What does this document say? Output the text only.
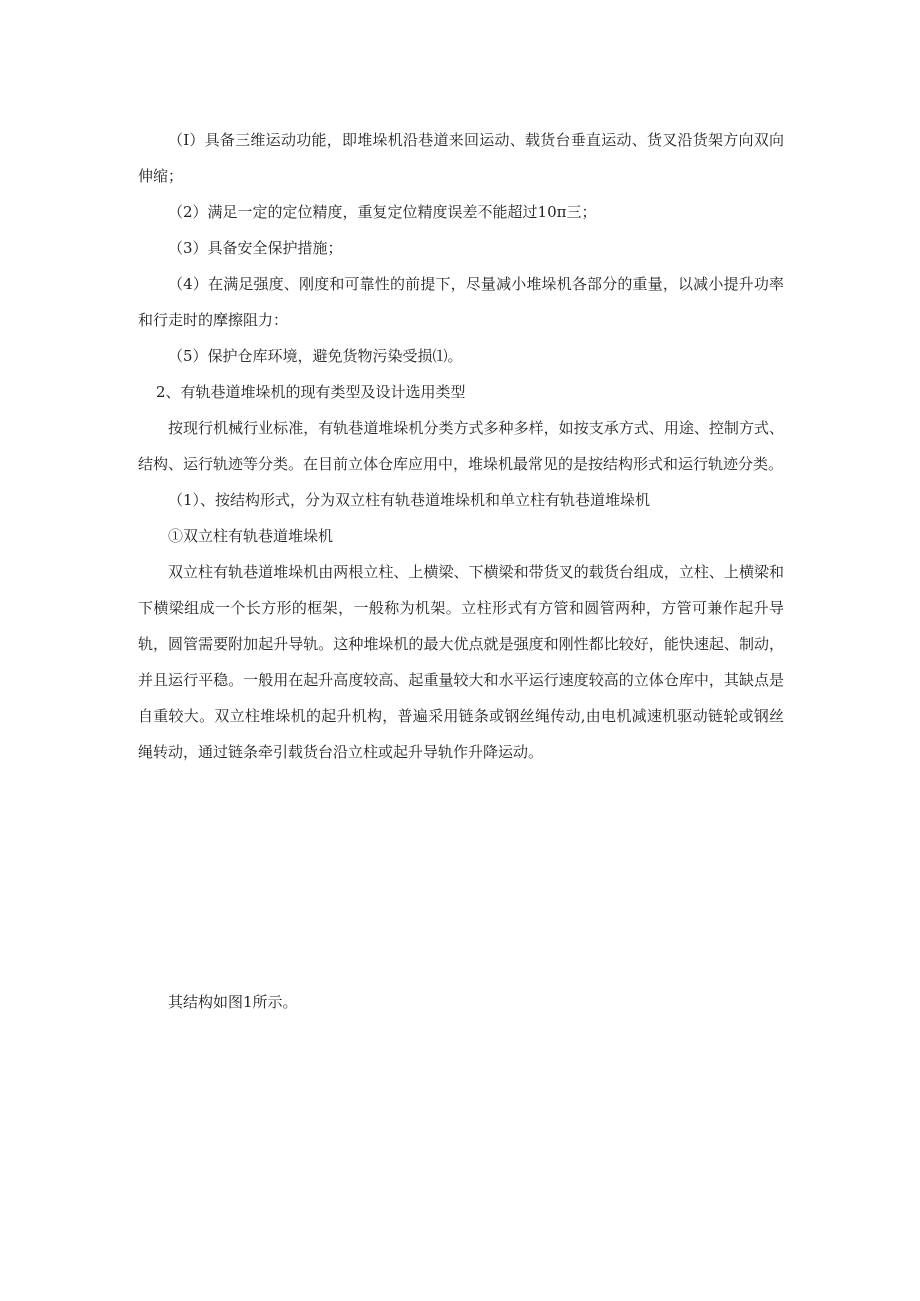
（I）具备三维运动功能，即堆垛机沿巷道来回运动、载货台垂直运动、货叉沿货架方向双向伸缩；

（2）满足一定的定位精度，重复定位精度误差不能超过10π三；

（3）具备安全保护措施；

（4）在满足强度、刚度和可靠性的前提下，尽量减小堆垛机各部分的重量，以减小提升功率和行走时的摩擦阻力：

（5）保护仓库环境，避免货物污染受损⑴。

2、有轨巷道堆垛机的现有类型及设计选用类型

按现行机械行业标准，有轨巷道堆垛机分类方式多种多样，如按支承方式、用途、控制方式、结构、运行轨迹等分类。在目前立体仓库应用中，堆垛机最常见的是按结构形式和运行轨迹分类。

（1）、按结构形式，分为双立柱有轨巷道堆垛机和单立柱有轨巷道堆垛机

①双立柱有轨巷道堆垛机

双立柱有轨巷道堆垛机由两根立柱、上横梁、下横梁和带货叉的载货台组成，立柱、上横梁和下横梁组成一个长方形的框架，一般称为机架。立柱形式有方管和圆管两种，方管可兼作起升导轨，圆管需要附加起升导轨。这种堆垛机的最大优点就是强度和刚性都比较好，能快速起、制动，并且运行平稳。一般用在起升高度较高、起重量较大和水平运行速度较高的立体仓库中，其缺点是自重较大。双立柱堆垛机的起升机构，普遍采用链条或钢丝绳传动,由电机减速机驱动链轮或钢丝绳转动，通过链条牵引载货台沿立柱或起升导轨作升降运动。

其结构如图1所示。
